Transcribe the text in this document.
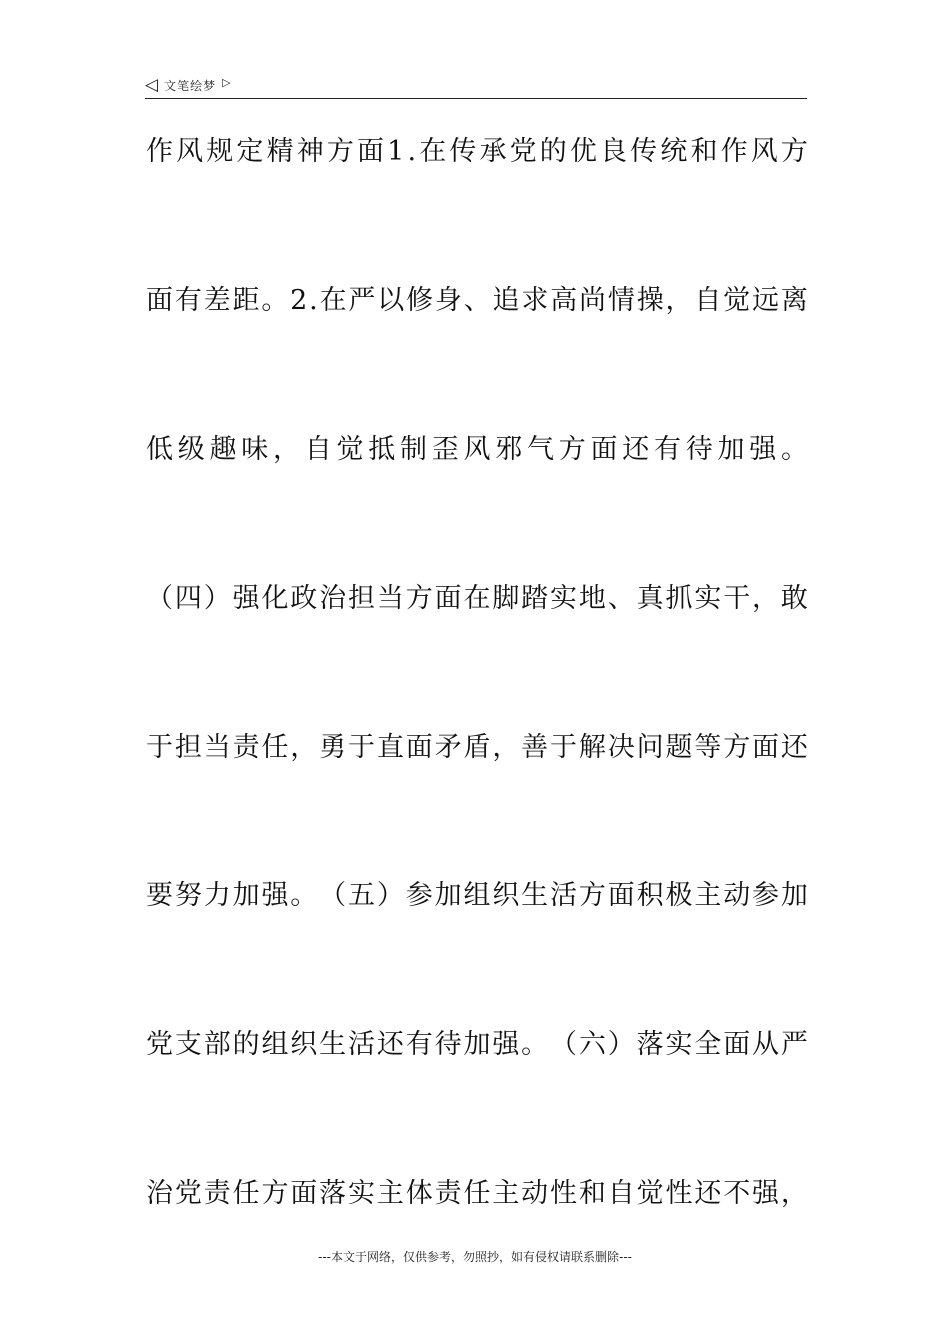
◁ 文笔绘梦 ▷
作 风 规 定 精 神 方 面 1 . 在 传 承 党 的 优 良 传 统 和 作 风 方
面 有 差 距 。 2 . 在 严 以 修 身 、 追 求 高 尚 情 操 ， 自 觉 远 离
低 级 趣 味 ， 自 觉 抵 制 歪 风 邪 气 方 面 还 有 待 加 强 。
（ 四 ） 强 化 政 治 担 当 方 面 在 脚 踏 实 地 、 真 抓 实 干 ， 敢
于 担 当 责 任 ， 勇 于 直 面 矛 盾 ， 善 于 解 决 问 题 等 方 面 还
要 努 力 加 强 。 （ 五 ） 参 加 组 织 生 活 方 面 积 极 主 动 参 加
党 支 部 的 组 织 生 活 还 有 待 加 强 。 （ 六 ） 落 实 全 面 从 严
治 党 责 任 方 面 落 实 主 体 责 任 主 动 性 和 自 觉 性 还 不 强 ，
---本文于网络，仅供参考，勿照抄，如有侵权请联系删除---
